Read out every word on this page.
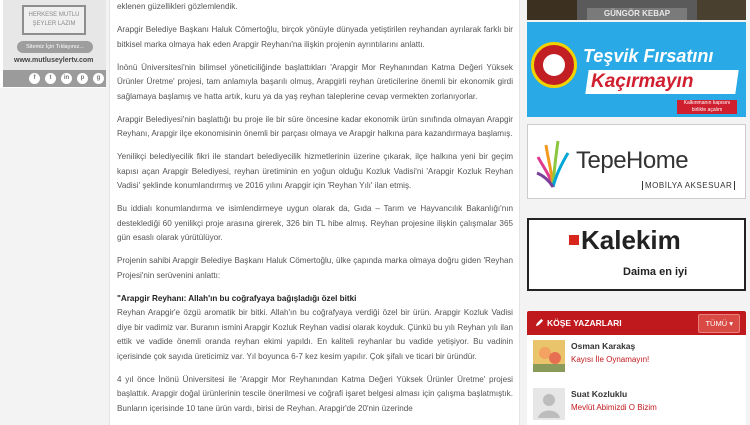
HERKESE MUTLU ŞEYLER LAZIM
Sitemiz İçin Tıklayınız...
www.mutluseylertv.com
f	t	in	p	g

eklenen güzellikleri gözlemlendik.

Arapgir Belediye Başkanı Haluk Cömertoğlu, birçok yönüyle dünyada yetiştirilen reyhandan ayrılarak farklı bir bitkisel marka olmaya hak eden Arapgir Reyhanı'na ilişkin projenin ayrıntılarını anlattı.

İnönü Üniversitesi'nin bilimsel yöneticiliğinde başlattıkları 'Arapgir Mor Reyhanından Katma Değeri Yüksek Ürünler Üretme' projesi, tam anlamıyla başarılı olmuş, Arapgirli reyhan üreticilerine önemli bir ekonomik girdi sağlamaya başlamış ve hatta artık, kuru ya da yaş reyhan taleplerine cevap vermekten zorlanıyorlar.

Arapgir Belediyesi'nin başlattığı bu proje ile bir süre öncesine kadar ekonomik ürün sınıfında olmayan Arapgir Reyhanı, Arapgir ilçe ekonomisinin önemli bir parçası olmaya ve Arapgir halkına para kazandırmaya başlamış.

Yenilikçi belediyecilik fikri ile standart belediyecilik hizmetlerinin üzerine çıkarak, ilçe halkına yeni bir geçim kapısı açan Arapgir Belediyesi, reyhan üretiminin en yoğun olduğu Kozluk Vadisi'ni 'Arapgir Kozluk Reyhan Vadisi' şeklinde konumlandırmış ve 2016 yılını Arapgir için 'Reyhan Yılı' ilan etmiş.

Bu iddialı konumlandırma ve isimlendirmeye uygun olarak da, Gıda – Tarım ve Hayvancılık Bakanlığı'nın desteklediği 60 yenilikçi proje arasına girerek, 326 bin TL hibe almış. Reyhan projesine ilişkin çalışmalar 365 gün esaslı olarak yürütülüyor.

Projenin sahibi Arapgir Belediye Başkanı Haluk Cömertoğlu, ülke çapında marka olmaya doğru giden 'Reyhan Projesi'nin serüvenini anlattı:

"Arapgir Reyhanı: Allah'ın bu coğrafyaya bağışladığı özel bitki

Reyhan Arapgir'e özgü aromatik bir bitki. Allah'ın bu coğrafyaya verdiği özel bir ürün. Arapgir Kozluk Vadisi diye bir vadimiz var. Buranın ismini Arapgir Kozluk Reyhan vadisi olarak koyduk. Çünkü bu yılı Reyhan yılı ilan ettik ve vadide önemli oranda reyhan ekimi yapıldı. En kaliteli reyhanlar bu vadide yetişiyor. Bu vadinin içerisinde çok sayıda üreticimiz var. Yıl boyunca 6-7 kez kesim yapılır. Çok şifalı ve ticari bir üründür.

4 yıl önce İnönü Üniversitesi ile 'Arapgir Mor Reyhanından Katma Değeri Yüksek Ürünler Üretme' projesi başlattık. Arapgir doğal ürünlerinin tescile önerilmesi ve coğrafi işaret belgesi alması için çalışma başlatmıştık. Bunların içerisinde 10 tane ürün vardı, birisi de Reyhan. Arapgir'de 20'nin üzerinde

GÜNGÖR KEBAP
Teşvik Fırsatını
Kaçırmayın
Kalkınmanın kapısını birlikte açalım
TepeHome
MOBİLYA AKSESUAR
Kalekim
Daima en iyi
KÖŞE YAZARLARI	TÜMÜ ▾
Osman Karakaş
Kayısı İle Oynamayın!
Suat Kozluklu
Mevlüt Abimizdi O Bizim
